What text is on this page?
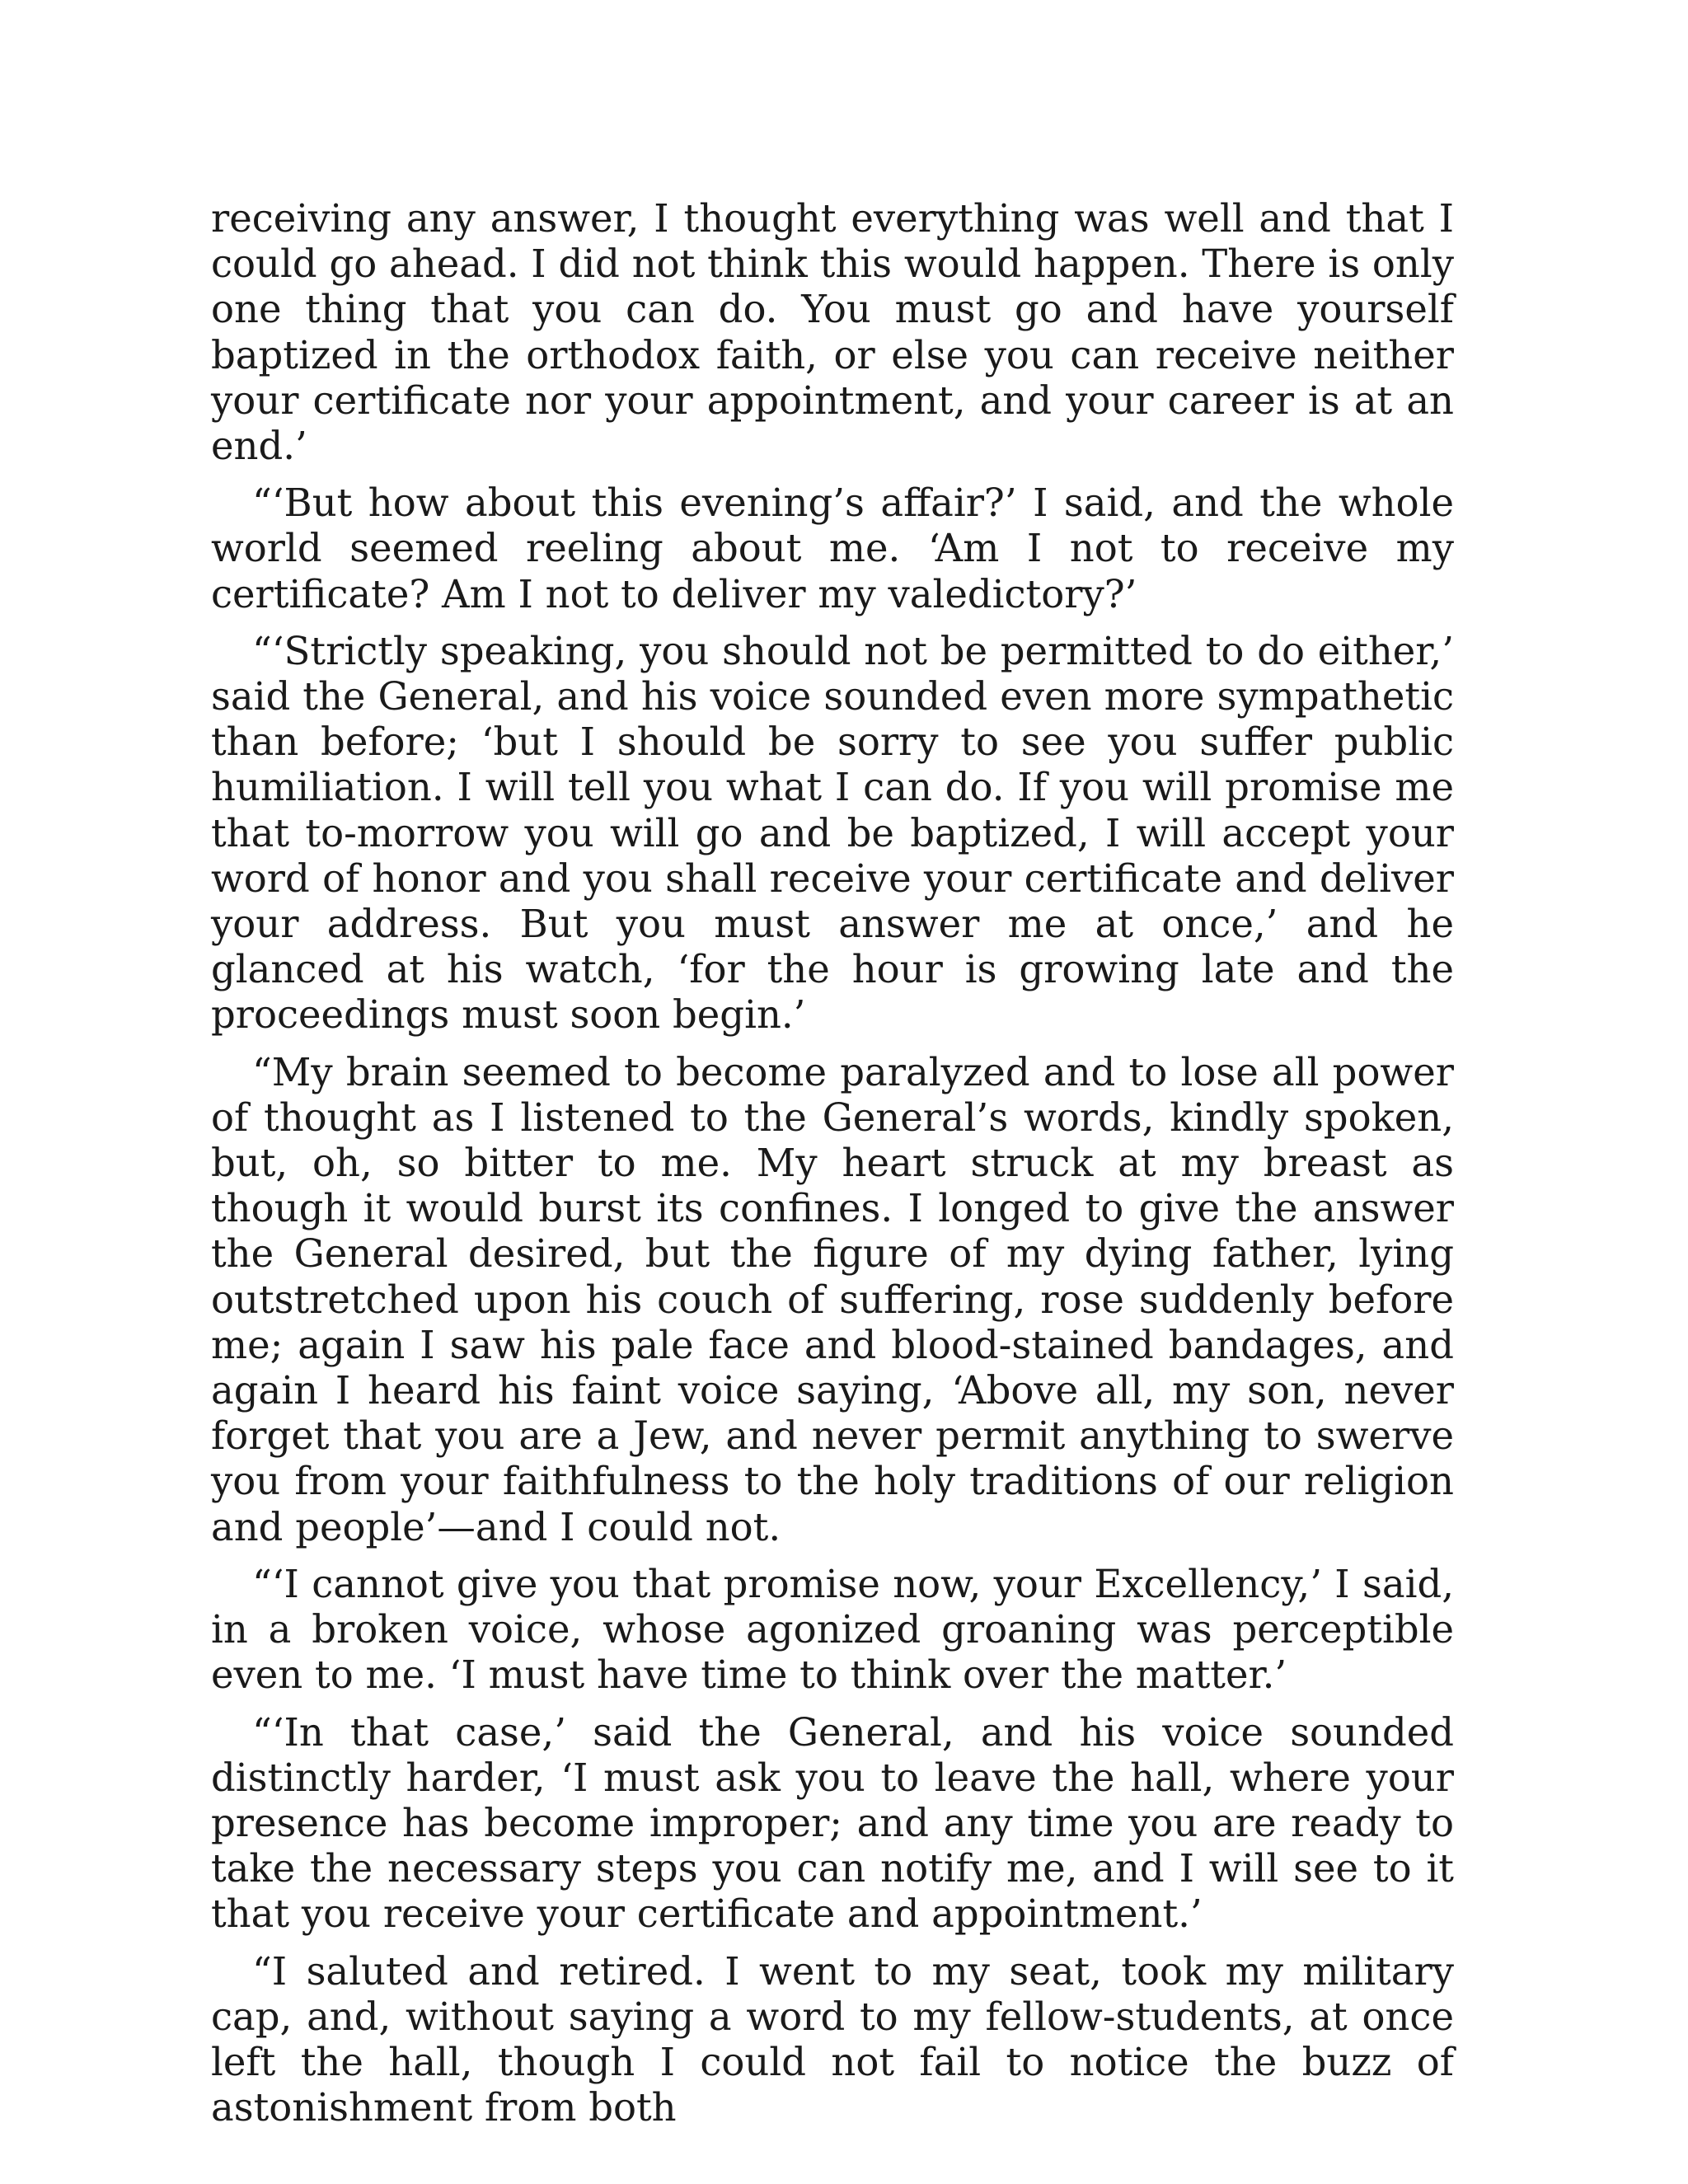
receiving any answer, I thought everything was well and that I could go ahead. I did not think this would happen. There is only one thing that you can do. You must go and have yourself baptized in the orthodox faith, or else you can receive neither your certificate nor your appointment, and your career is at an end.’

“‘But how about this evening’s affair?’ I said, and the whole world seemed reeling about me. ‘Am I not to receive my certificate? Am I not to deliver my valedictory?’

“‘Strictly speaking, you should not be permitted to do either,’ said the General, and his voice sounded even more sympathetic than before; ‘but I should be sorry to see you suffer public humiliation. I will tell you what I can do. If you will promise me that to-morrow you will go and be baptized, I will accept your word of honor and you shall receive your certificate and deliver your address. But you must answer me at once,’ and he glanced at his watch, ‘for the hour is growing late and the proceedings must soon begin.’

“My brain seemed to become paralyzed and to lose all power of thought as I listened to the General’s words, kindly spoken, but, oh, so bitter to me. My heart struck at my breast as though it would burst its confines. I longed to give the answer the General desired, but the figure of my dying father, lying outstretched upon his couch of suffering, rose suddenly before me; again I saw his pale face and blood-stained bandages, and again I heard his faint voice saying, ‘Above all, my son, never forget that you are a Jew, and never permit anything to swerve you from your faithfulness to the holy traditions of our religion and people’—and I could not.

“‘I cannot give you that promise now, your Excellency,’ I said, in a broken voice, whose agonized groaning was perceptible even to me. ‘I must have time to think over the matter.’

“‘In that case,’ said the General, and his voice sounded distinctly harder, ‘I must ask you to leave the hall, where your presence has become improper; and any time you are ready to take the necessary steps you can notify me, and I will see to it that you receive your certificate and appointment.’

“I saluted and retired. I went to my seat, took my military cap, and, without saying a word to my fellow-students, at once left the hall, though I could not fail to notice the buzz of astonishment from both
